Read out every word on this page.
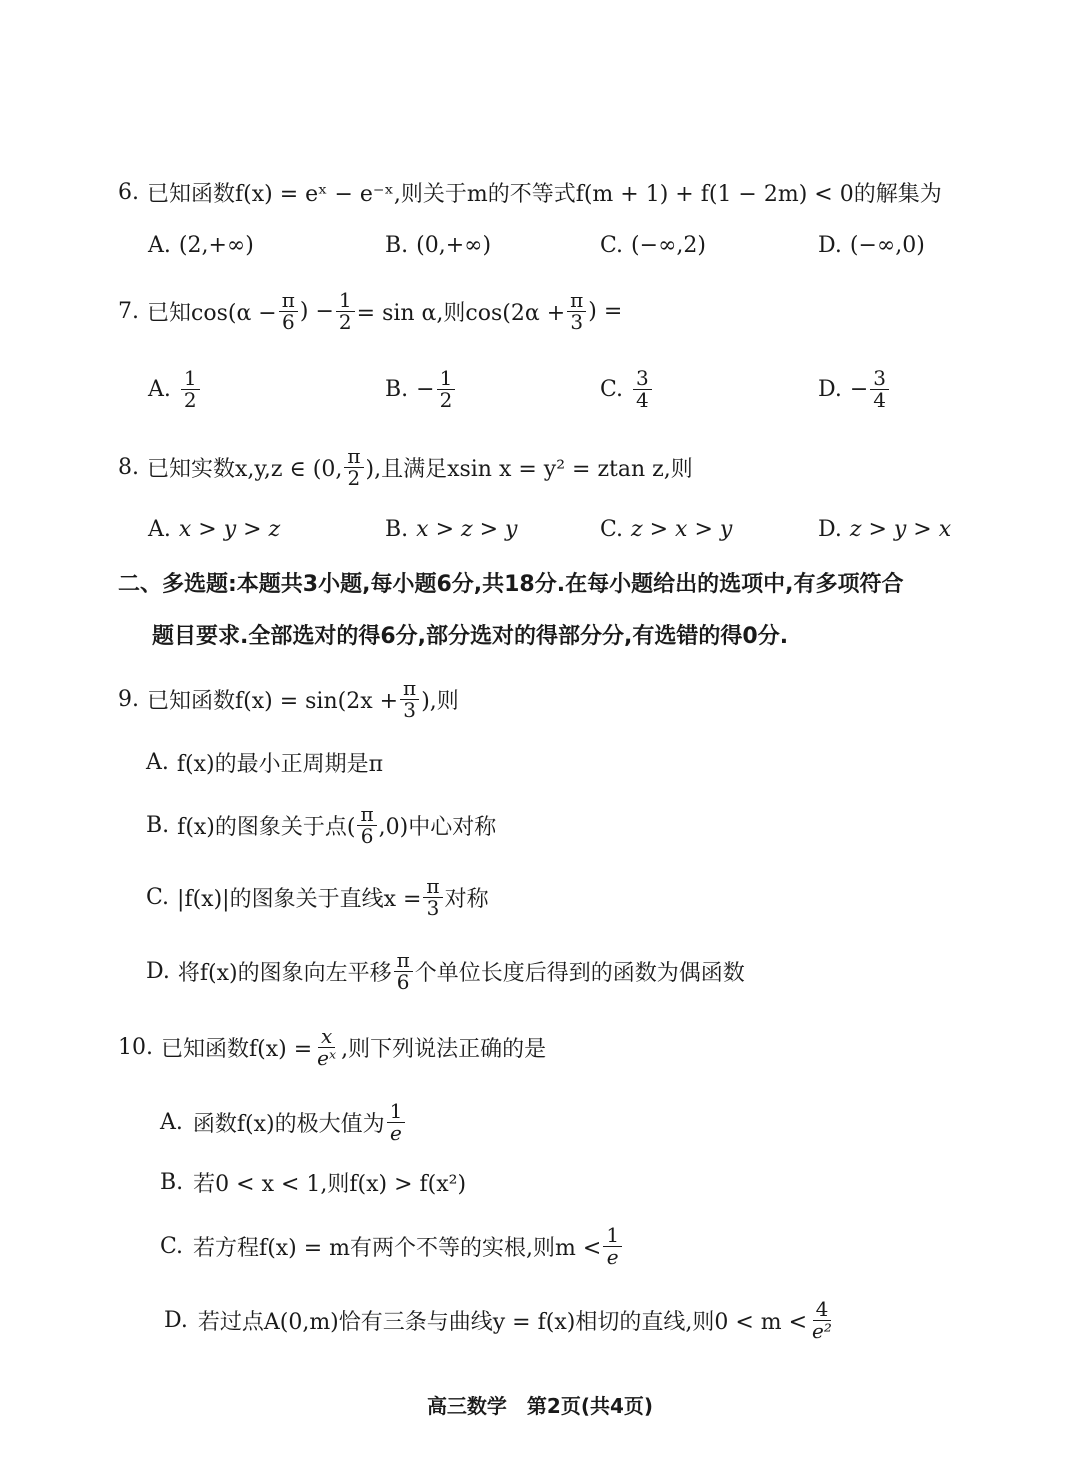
6. 已知函数f(x) = eˣ − e⁻ˣ,则关于m的不等式f(m + 1) + f(1 − 2m) < 0的解集为
A. (2,+∞)	B. (0,+∞)	C. (−∞,2)	D. (−∞,0)
7. 已知$\cos(\alpha - \frac{\pi}{6}$ ) − $\frac{1}{2} = \sin \alpha$,则$\cos(2\alpha + \frac{\pi}{3}$ ) =
A. $\frac{1}{2}$	B. − $\frac{1}{2}$	C. $\frac{3}{4}$	D. − $\frac{3}{4}$
8. 已知实数x,y,z ∈ (0, $\frac{\pi}{2}$ ),且满足xsin x = y² = ztan z,则
A. x > y > z	B. x > z > y	C. z > x > y	D. z > y > x
二、多选题:本题共3小题,每小题6分,共18分.在每小题给出的选项中,有多项符合
题目要求.全部选对的得6分,部分选对的得部分分,有选错的得0分.
9. 已知函数$f(x) = \sin(2x + \frac{\pi}{3}$ ),则
A. f(x)的最小正周期是π
B. f(x)的图象关于点( $\frac{\pi}{6} ,0$)中心对称
C. |f(x)|的图象关于直线$x = \frac{\pi}{3}$ 对称
D. 将f(x)的图象向左平移 $\frac{\pi}{6}$ 个单位长度后得到的函数为偶函数
10. 已知函数$f(x) = \frac{x}{\text{eˣ}}$ ,则下列说法正确的是
A. 函数f(x)的极大值为 $\frac{1}{e}$
B. 若0 < x < 1,则f(x) > f(x²)
C. 若方程f(x) = m有两个不等的实根,则$m < \frac{1}{e}$
D. 若过点A(0,m)恰有三条与曲线y = f(x)相切的直线,则$0 < m < \frac{4}{\text{e²}}$
高三数学　第2页(共4页)
